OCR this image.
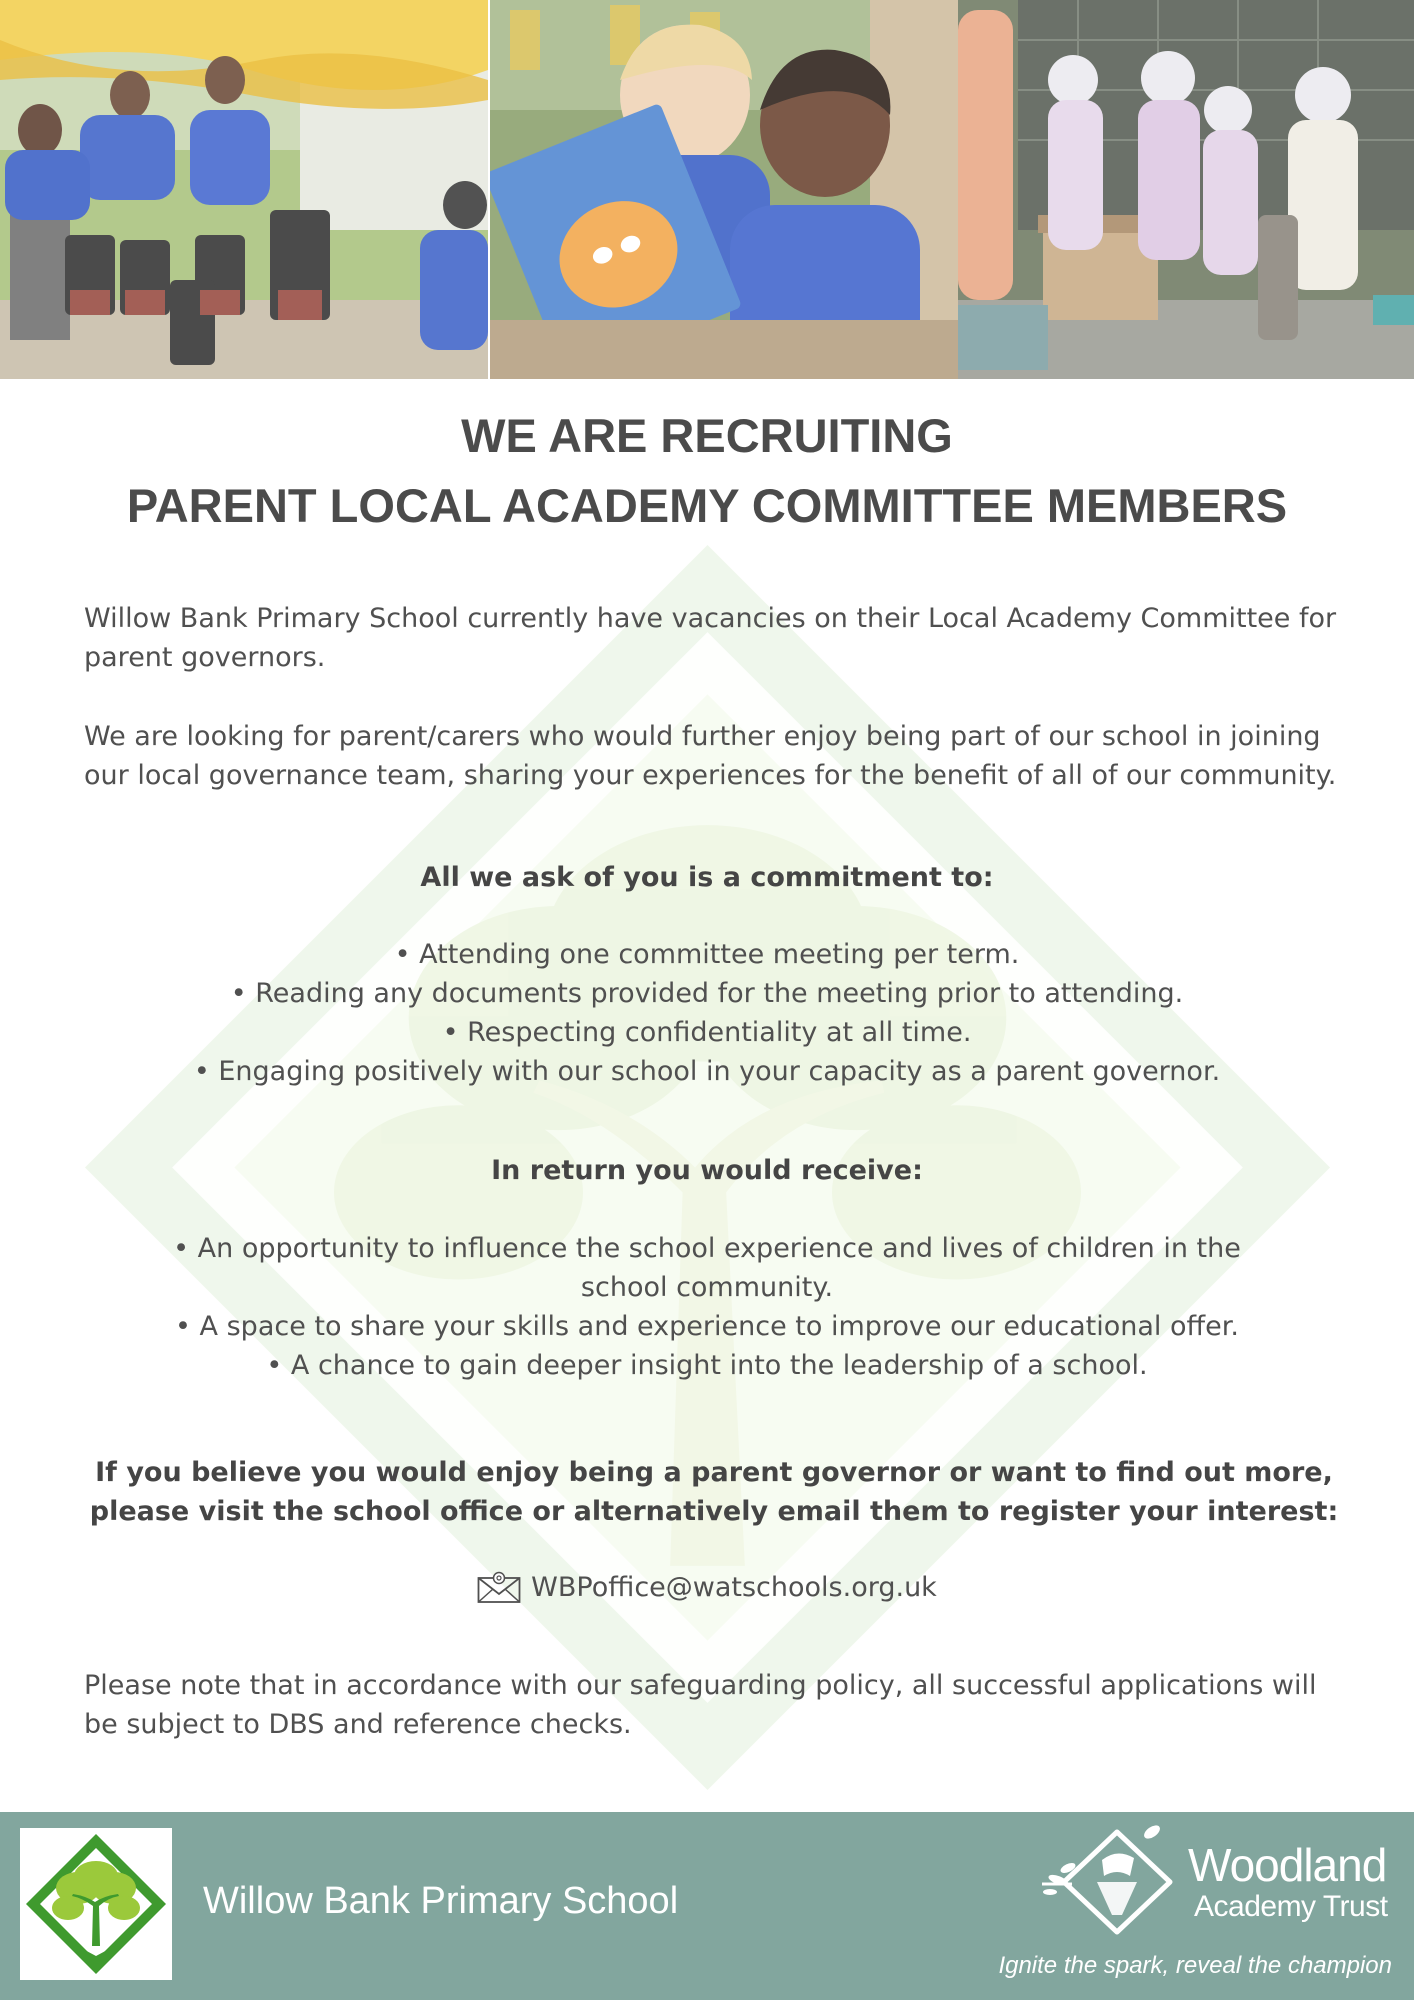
WE ARE RECRUITING
PARENT LOCAL ACADEMY COMMITTEE MEMBERS

Willow Bank Primary School currently have vacancies on their Local Academy Committee for parent governors.

We are looking for parent/carers who would further enjoy being part of our school in joining our local governance team, sharing your experiences for the benefit of all of our community.

All we ask of you is a commitment to:
• Attending one committee meeting per term.
• Reading any documents provided for the meeting prior to attending.
• Respecting confidentiality at all time.
• Engaging positively with our school in your capacity as a parent governor.
In return you would receive:
• An opportunity to influence the school experience and lives of children in the school community.
• A space to share your skills and experience to improve our educational offer.
• A chance to gain deeper insight into the leadership of a school.
If you believe you would enjoy being a parent governor or want to find out more, please visit the school office or alternatively email them to register your interest:
WBPoffice@watschools.org.uk

Please note that in accordance with our safeguarding policy, all successful applications will be subject to DBS and reference checks.

Willow Bank Primary School
Woodland
Academy Trust
Ignite the spark, reveal the champion
